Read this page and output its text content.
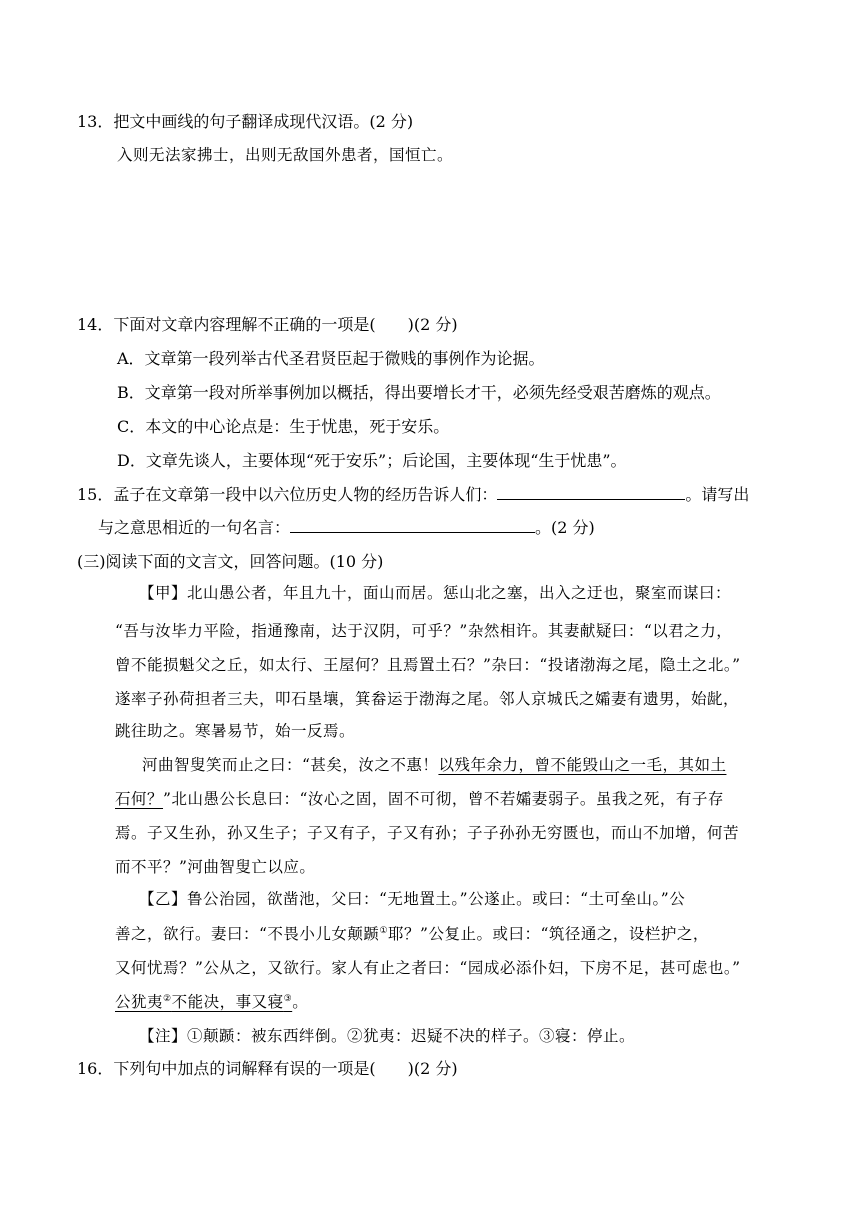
13．把文中画线的句子翻译成现代汉语。(2 分)
入则无法家拂士，出则无敌国外患者，国恒亡。
14．下面对文章内容理解不正确的一项是(　　)(2 分)
A．文章第一段列举古代圣君贤臣起于微贱的事例作为论据。
B．文章第一段对所举事例加以概括，得出要增长才干，必须先经受艰苦磨炼的观点。
C．本文的中心论点是：生于忧患，死于安乐。
D．文章先谈人，主要体现“死于安乐”；后论国，主要体现“生于忧患”。
15．孟子在文章第一段中以六位历史人物的经历告诉人们：	。请写出
与之意思相近的一句名言：	。(2 分)
(三)阅读下面的文言文，回答问题。(10 分)
【甲】北山愚公者，年且九十，面山而居。惩山北之塞，出入之迂也，聚室而谋曰：
“吾与汝毕力平险，指通豫南，达于汉阴，可乎？”杂然相许。其妻献疑曰：“以君之力，
曾不能损魁父之丘，如太行、王屋何？且焉置土石？”杂曰：“投诸渤海之尾，隐土之北。”
遂率子孙荷担者三夫，叩石垦壤，箕畚运于渤海之尾。邻人京城氏之孀妻有遗男，始龀，
跳往助之。寒暑易节，始一反焉。
河曲智叟笑而止之曰：“甚矣，汝之不惠！以残年余力，曾不能毁山之一毛，其如土
石何？”北山愚公长息曰：“汝心之固，固不可彻，曾不若孀妻弱子。虽我之死，有子存
焉。子又生孙，孙又生子；子又有子，子又有孙；子子孙孙无穷匮也，而山不加增，何苦
而不平？”河曲智叟亡以应。
【乙】鲁公治园，欲凿池，父曰：“无地置土。”公遂止。或曰：“土可垒山。”公
善之，欲行。妻曰：“不畏小儿女颠踬①耶？”公复止。或曰：“筑径通之，设栏护之，
又何忧焉？”公从之，又欲行。家人有止之者曰：“园成必添仆妇，下房不足，甚可虑也。”
公犹夷②不能决，事又寝③。
【注】①颠踬：被东西绊倒。②犹夷：迟疑不决的样子。③寝：停止。
16．下列句中加点的词解释有误的一项是(　　)(2 分)
